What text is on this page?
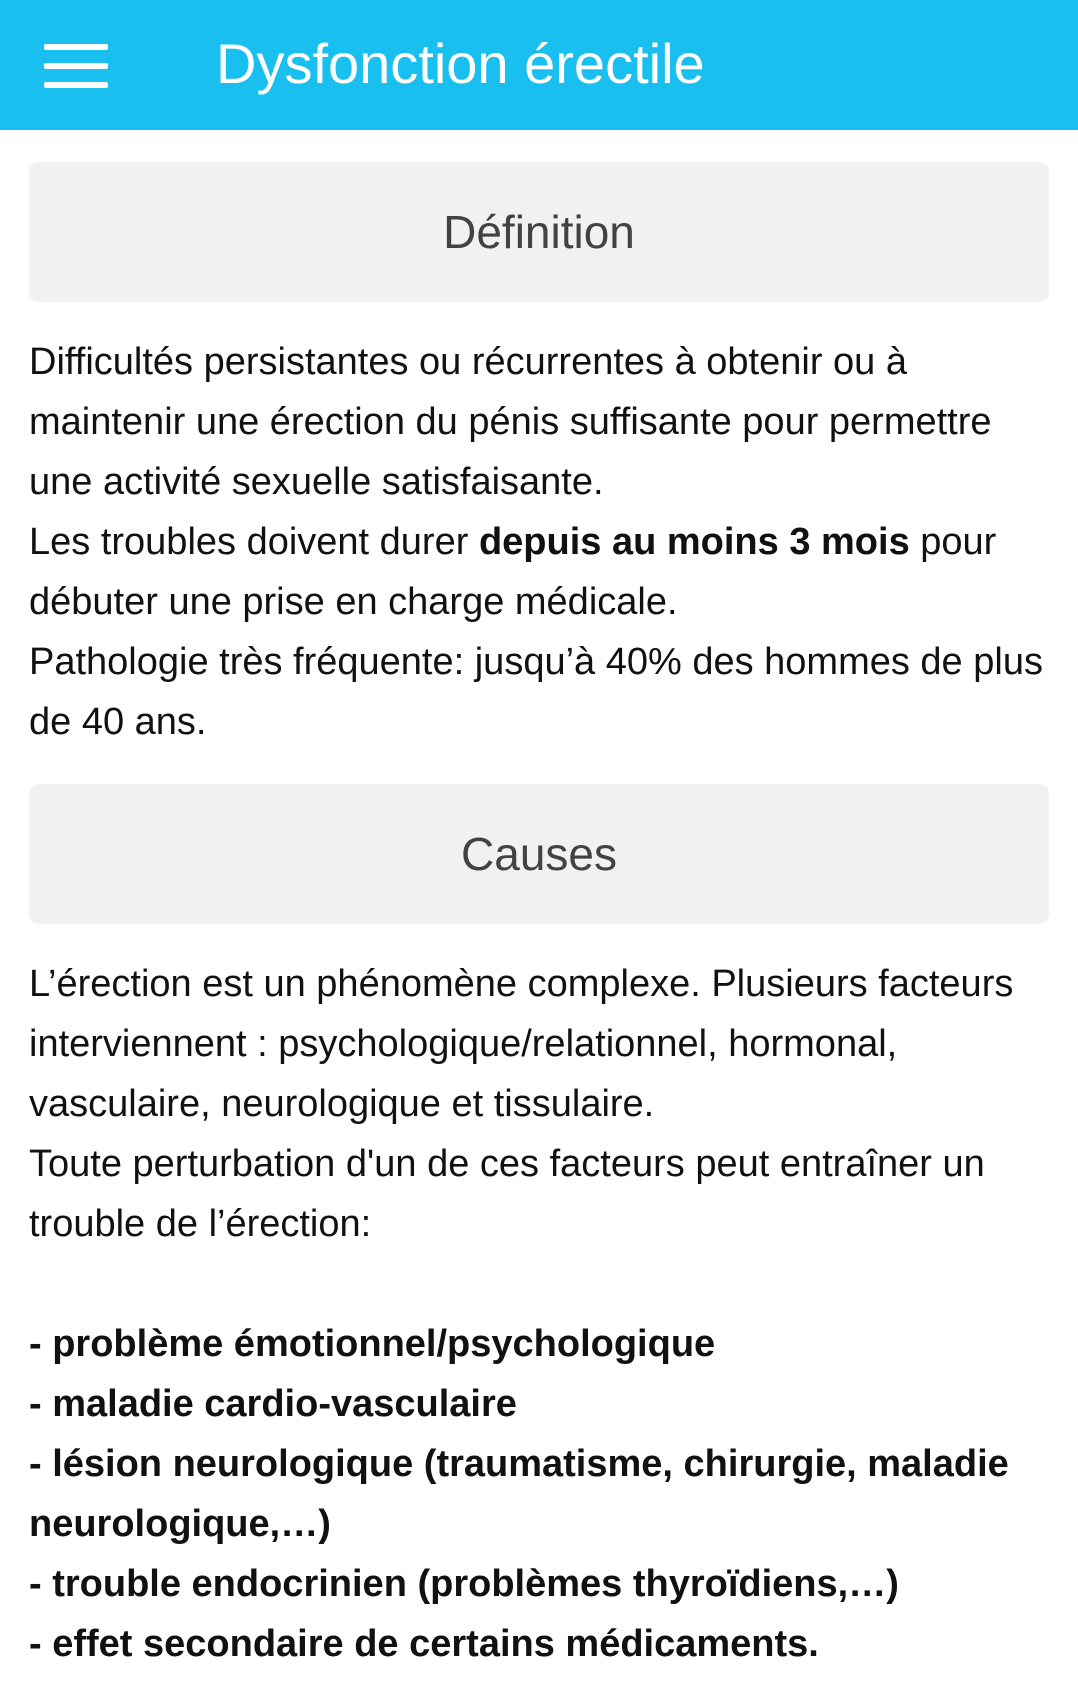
Dysfonction érectile
Définition

Difficultés persistantes ou récurrentes à obtenir ou à maintenir une érection du pénis suffisante pour permettre une activité sexuelle satisfaisante.

Les troubles doivent durer depuis au moins 3 mois pour débuter une prise en charge médicale.

Pathologie très fréquente: jusqu’à 40% des hommes de plus de 40 ans.

Causes

L’érection est un phénomène complexe. Plusieurs facteurs interviennent : psychologique/relationnel, hormonal, vasculaire, neurologique et tissulaire.

Toute perturbation d'un de ces facteurs peut entraîner un trouble de l’érection:

- problème émotionnel/psychologique

- maladie cardio-vasculaire

- lésion neurologique (traumatisme, chirurgie, maladie neurologique,…)

- trouble endocrinien (problèmes thyroïdiens,…)

- effet secondaire de certains médicaments.
